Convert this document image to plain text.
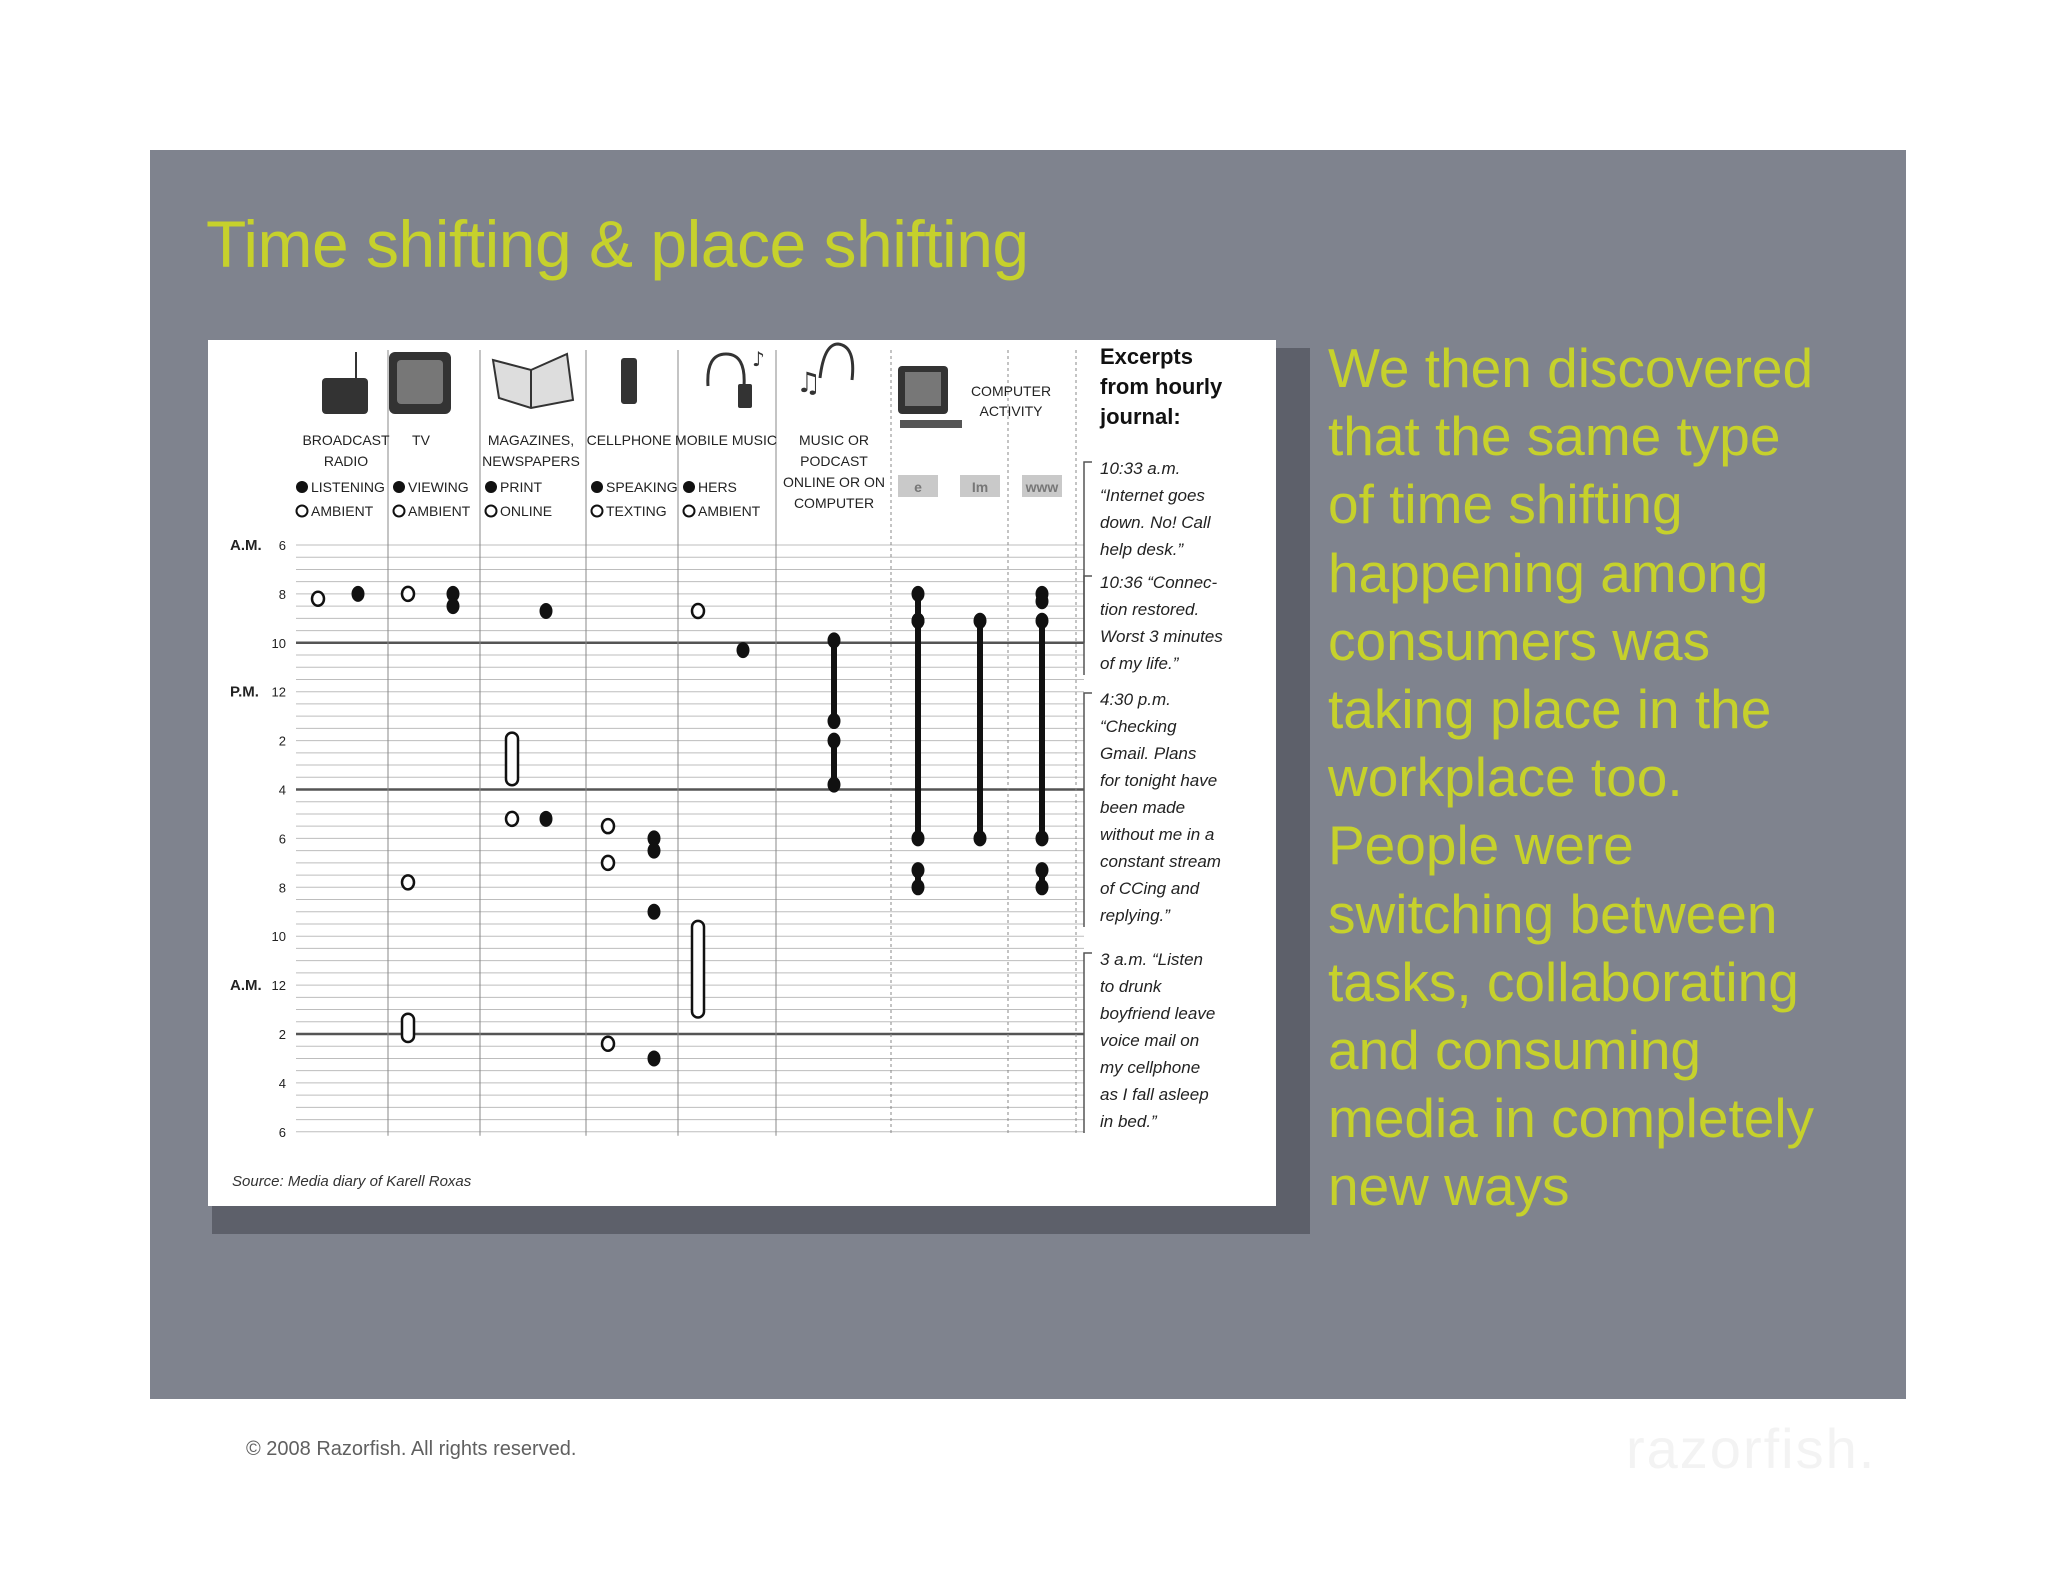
Time shifting & place shifting
6
8
10
12
2
4
6
8
10
12
2
4
6
A.M.
P.M.
A.M.
BROADCAST
RADIO
LISTENING
AMBIENT
TV
VIEWING
AMBIENT
MAGAZINES,
NEWSPAPERS
PRINT
ONLINE
CELLPHONE
SPEAKING
TEXTING
♪
MOBILE MUSIC
HERS
AMBIENT
♫
MUSIC OR
PODCAST
ONLINE OR ON
COMPUTER
COMPUTER
ACTIVITY
e	Im	www
Excerpts
from hourly
journal:
10:33 a.m.
“Internet goes
down. No! Call
help desk.”
10:36 “Connec-
tion restored.
Worst 3 minutes
of my life.”
4:30 p.m.
“Checking
Gmail. Plans
for tonight have
been made
without me in a
constant stream
of CCing and
replying.”
3 a.m. “Listen
to drunk
boyfriend leave
voice mail on
my cellphone
as I fall asleep
in bed.”
Source: Media diary of Karell Roxas
We then discovered
that the same type
of time shifting
happening among
consumers was
taking place in the
workplace too.
People were
switching between
tasks, collaborating
and consuming
media in completely
new ways
© 2008 Razorfish. All rights reserved.	razorfish.
